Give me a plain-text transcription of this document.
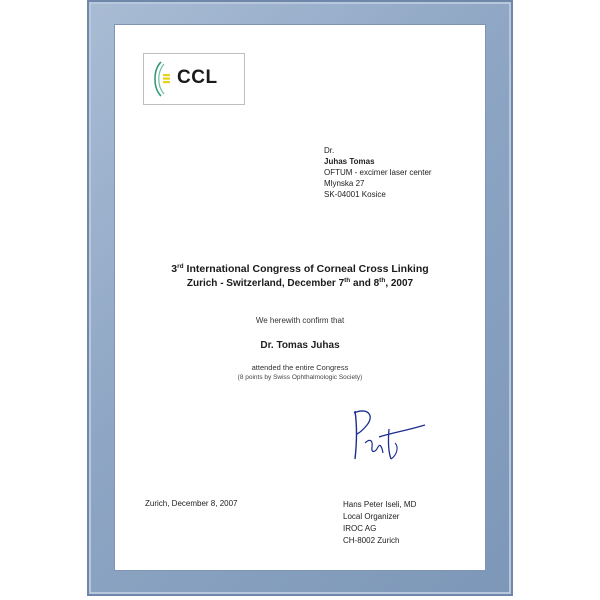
CCL
Dr.
Juhas Tomas
OFTUM - excimer laser center
Mlynska 27
SK-04001 Kosice
3rd International Congress of Corneal Cross Linking
Zurich - Switzerland, December 7th and 8th, 2007
We herewith confirm that
Dr. Tomas Juhas
attended the entire Congress
(8 points by Swiss Ophthalmologic Society)
Zurich, December 8, 2007	Hans Peter Iseli, MD
Local Organizer
IROC AG
CH-8002 Zurich
